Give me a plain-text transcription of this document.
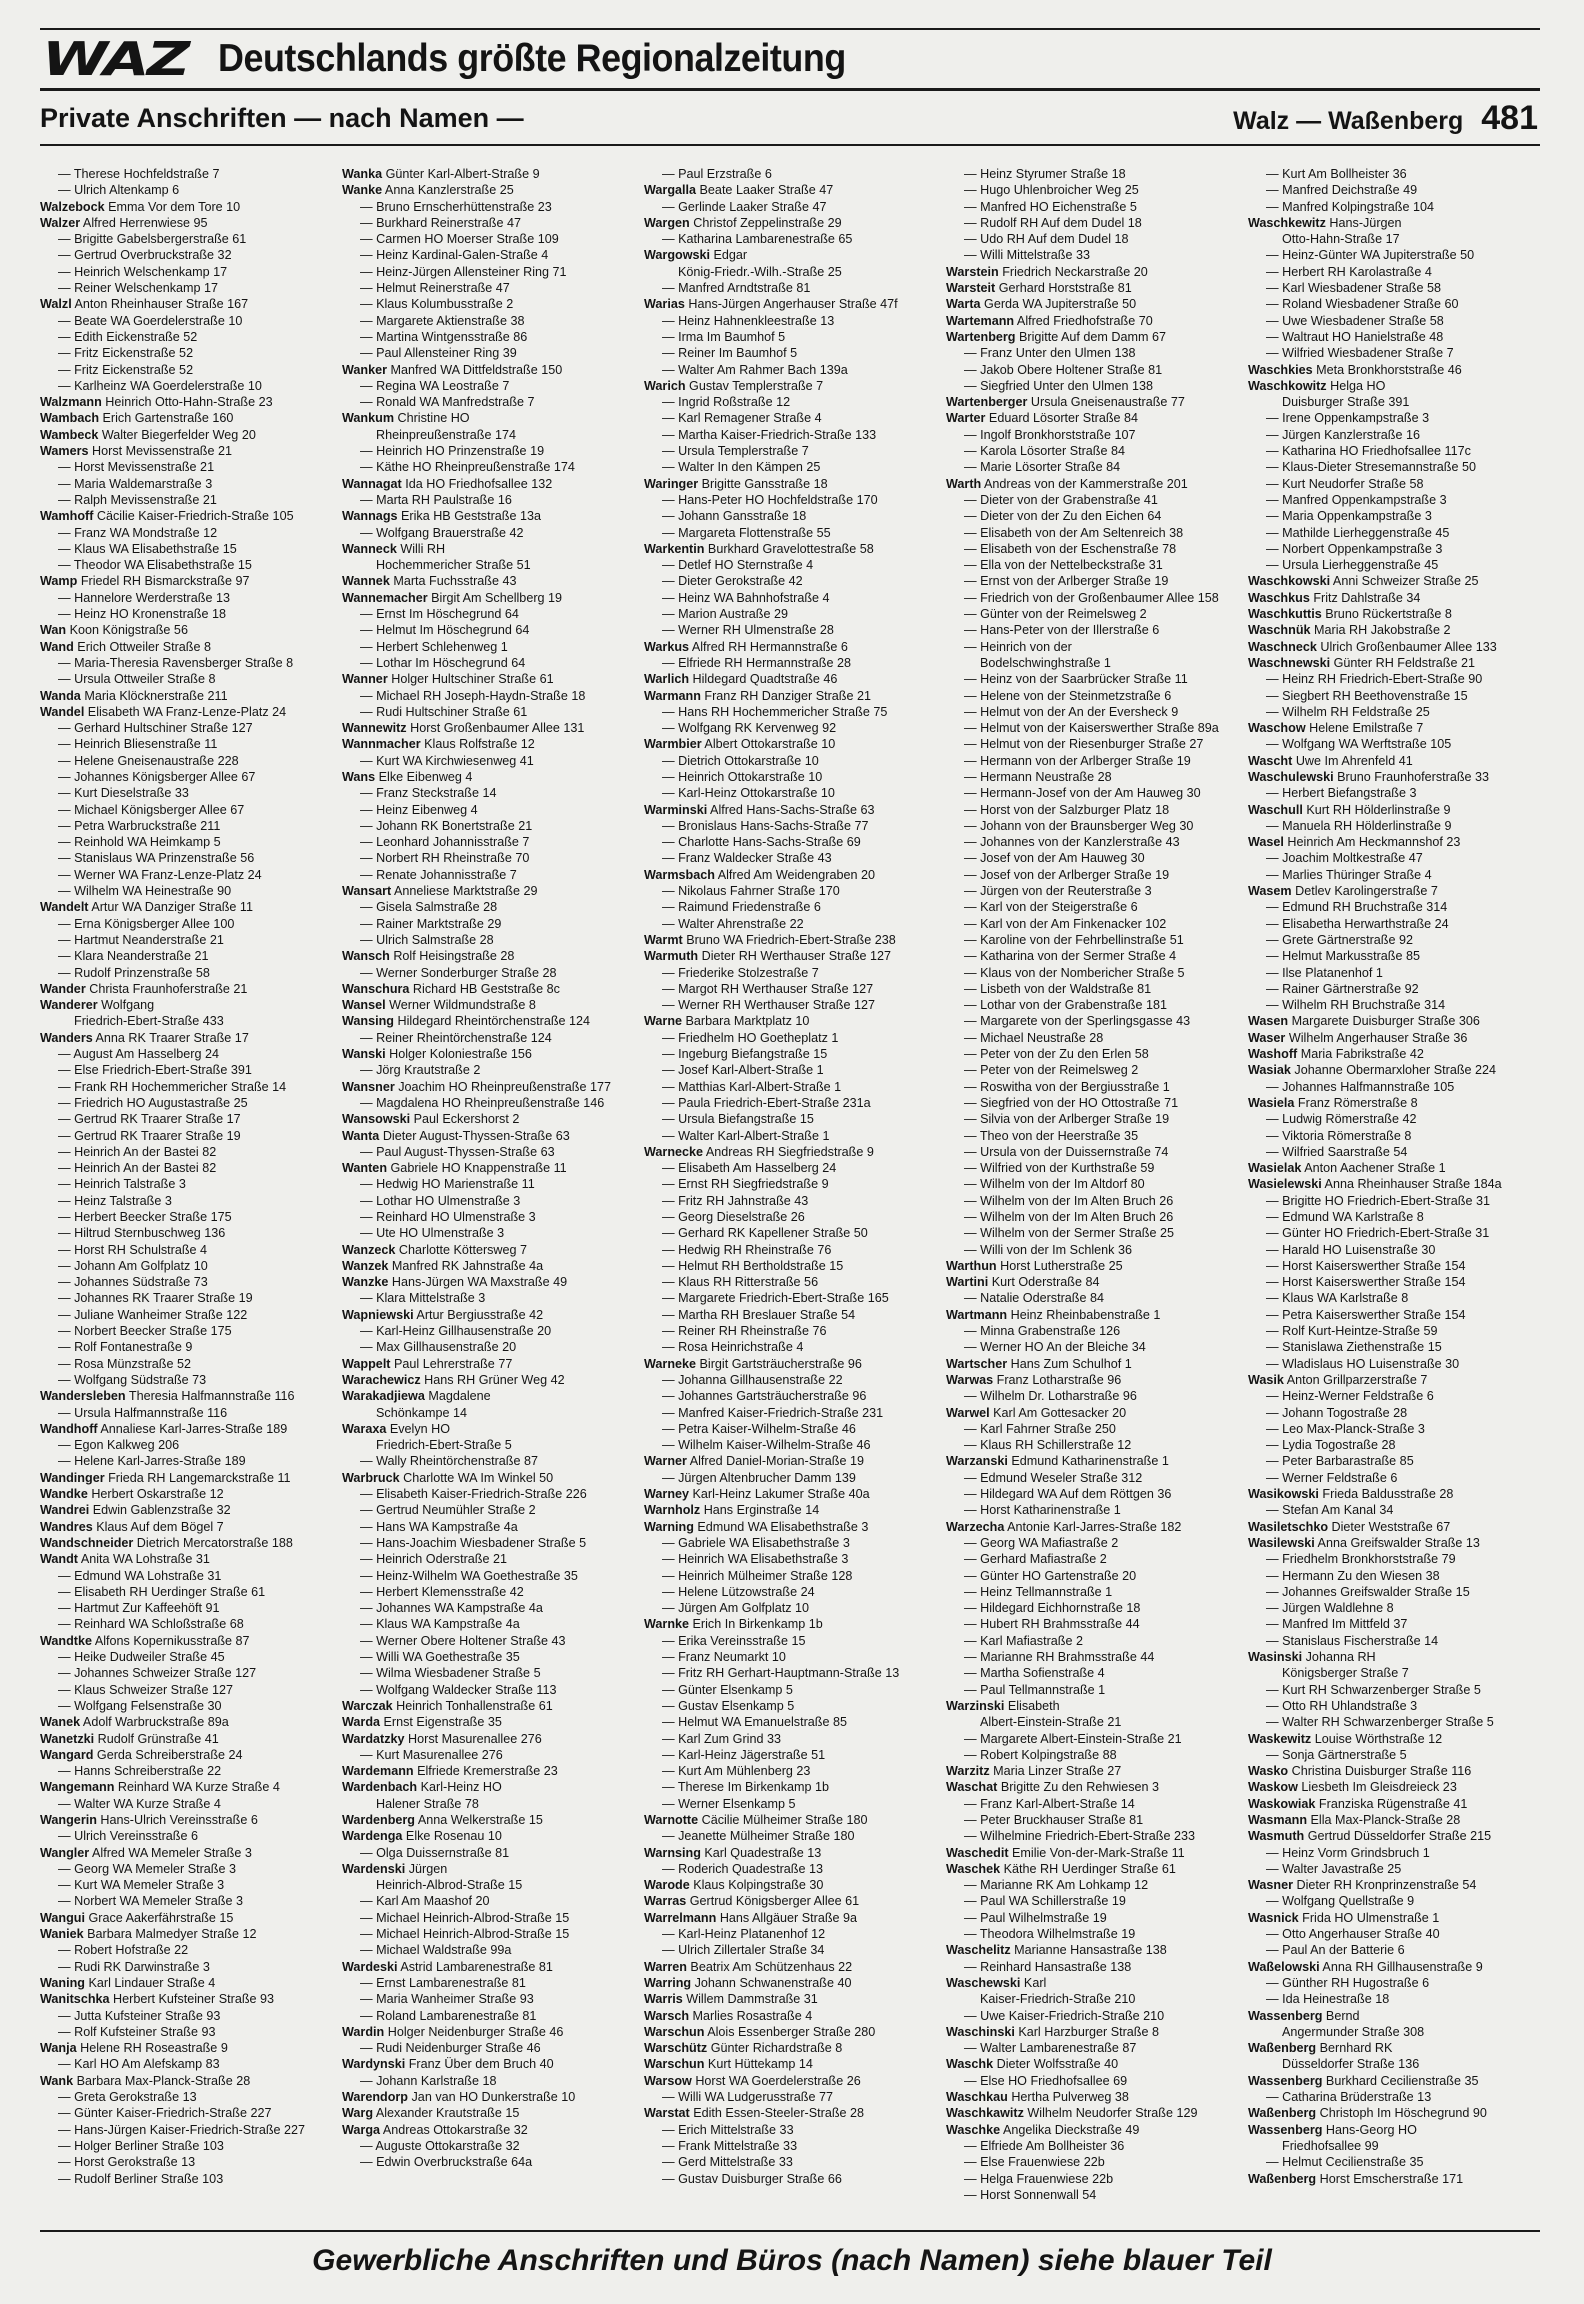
WAZ Deutschlands größte Regionalzeitung
Private Anschriften — nach Namen —	Walz — Waßenberg 481
— Therese Hochfeldstraße 7
— Ulrich Altenkamp 6
Walzebock Emma Vor dem Tore 10
Walzer Alfred Herrenwiese 95
— Brigitte Gabelsbergerstraße 61
— Gertrud Overbruckstraße 32
— Heinrich Welschenkamp 17
— Reiner Welschenkamp 17
Walzl Anton Rheinhauser Straße 167
— Beate WA Goerdelerstraße 10
— Edith Eickenstraße 52
— Fritz Eickenstraße 52
— Fritz Eickenstraße 52
— Karlheinz WA Goerdelerstraße 10
Walzmann Heinrich Otto-Hahn-Straße 23
Wambach Erich Gartenstraße 160
Wambeck Walter Biegerfelder Weg 20
Wamers Horst Mevissenstraße 21
— Horst Mevissenstraße 21
— Maria Waldemarstraße 3
— Ralph Mevissenstraße 21
Wamhoff Cäcilie Kaiser-Friedrich-Straße 105
— Franz WA Mondstraße 12
— Klaus WA Elisabethstraße 15
— Theodor WA Elisabethstraße 15
Wamp Friedel RH Bismarckstraße 97
— Hannelore Werderstraße 13
— Heinz HO Kronenstraße 18
Wan Koon Königstraße 56
Wand Erich Ottweiler Straße 8
— Maria-Theresia Ravensberger Straße 8
— Ursula Ottweiler Straße 8
Wanda Maria Klöcknerstraße 211
Wandel Elisabeth WA Franz-Lenze-Platz 24
— Gerhard Hultschiner Straße 127
— Heinrich Bliesenstraße 11
— Helene Gneisenaustraße 228
— Johannes Königsberger Allee 67
— Kurt Dieselstraße 33
— Michael Königsberger Allee 67
— Petra Warbruckstraße 211
— Reinhold WA Heimkamp 5
— Stanislaus WA Prinzenstraße 56
— Werner WA Franz-Lenze-Platz 24
— Wilhelm WA Heinestraße 90
Wandelt Artur WA Danziger Straße 11
— Erna Königsberger Allee 100
— Hartmut Neanderstraße 21
— Klara Neanderstraße 21
— Rudolf Prinzenstraße 58
Wander Christa Fraunhoferstraße 21
Wanderer Wolfgang
Friedrich-Ebert-Straße 433
Wanders Anna RK Traarer Straße 17
— August Am Hasselberg 24
— Else Friedrich-Ebert-Straße 391
— Frank RH Hochemmericher Straße 14
— Friedrich HO Augustastraße 25
— Gertrud RK Traarer Straße 17
— Gertrud RK Traarer Straße 19
— Heinrich An der Bastei 82
— Heinrich An der Bastei 82
— Heinrich Talstraße 3
— Heinz Talstraße 3
— Herbert Beecker Straße 175
— Hiltrud Sternbuschweg 136
— Horst RH Schulstraße 4
— Johann Am Golfplatz 10
— Johannes Südstraße 73
— Johannes RK Traarer Straße 19
— Juliane Wanheimer Straße 122
— Norbert Beecker Straße 175
— Rolf Fontanestraße 9
— Rosa Münzstraße 52
— Wolfgang Südstraße 73
Wandersleben Theresia Halfmannstraße 116
— Ursula Halfmannstraße 116
Wandhoff Annaliese Karl-Jarres-Straße 189
— Egon Kalkweg 206
— Helene Karl-Jarres-Straße 189
Wandinger Frieda RH Langemarckstraße 11
Wandke Herbert Oskarstraße 12
Wandrei Edwin Gablenzstraße 32
Wandres Klaus Auf dem Bögel 7
Wandschneider Dietrich Mercatorstraße 188
Wandt Anita WA Lohstraße 31
— Edmund WA Lohstraße 31
— Elisabeth RH Uerdinger Straße 61
— Hartmut Zur Kaffeehöft 91
— Reinhard WA Schloßstraße 68
Wandtke Alfons Kopernikusstraße 87
— Heike Dudweiler Straße 45
— Johannes Schweizer Straße 127
— Klaus Schweizer Straße 127
— Wolfgang Felsenstraße 30
Wanek Adolf Warbruckstraße 89a
Wanetzki Rudolf Grünstraße 41
Wangard Gerda Schreiberstraße 24
— Hanns Schreiberstraße 22
Wangemann Reinhard WA Kurze Straße 4
— Walter WA Kurze Straße 4
Wangerin Hans-Ulrich Vereinsstraße 6
— Ulrich Vereinsstraße 6
Wangler Alfred WA Memeler Straße 3
— Georg WA Memeler Straße 3
— Kurt WA Memeler Straße 3
— Norbert WA Memeler Straße 3
Wangui Grace Aakerfährstraße 15
Waniek Barbara Malmedyer Straße 12
— Robert Hofstraße 22
— Rudi RK Darwinstraße 3
Waning Karl Lindauer Straße 4
Wanitschka Herbert Kufsteiner Straße 93
— Jutta Kufsteiner Straße 93
— Rolf Kufsteiner Straße 93
Wanja Helene RH Roseastraße 9
— Karl HO Am Alefskamp 83
Wank Barbara Max-Planck-Straße 28
— Greta Gerokstraße 13
— Günter Kaiser-Friedrich-Straße 227
— Hans-Jürgen Kaiser-Friedrich-Straße 227
— Holger Berliner Straße 103
— Horst Gerokstraße 13
— Rudolf Berliner Straße 103
Wanka Günter Karl-Albert-Straße 9
Wanke Anna Kanzlerstraße 25
— Bruno Ernscherhüttenstraße 23
— Burkhard Reinerstraße 47
— Carmen HO Moerser Straße 109
— Heinz Kardinal-Galen-Straße 4
— Heinz-Jürgen Allensteiner Ring 71
— Helmut Reinerstraße 47
— Klaus Kolumbusstraße 2
— Margarete Aktienstraße 38
— Martina Wintgensstraße 86
— Paul Allensteiner Ring 39
Wanker Manfred WA Dittfeldstraße 150
— Regina WA Leostraße 7
— Ronald WA Manfredstraße 7
Wankum Christine HO
Rheinpreußenstraße 174
— Heinrich HO Prinzenstraße 19
— Käthe HO Rheinpreußenstraße 174
Wannagat Ida HO Friedhofsallee 132
— Marta RH Paulstraße 16
Wannags Erika HB Geststraße 13a
— Wolfgang Brauerstraße 42
Wanneck Willi RH
Hochemmericher Straße 51
Wannek Marta Fuchsstraße 43
Wannemacher Birgit Am Schellberg 19
— Ernst Im Höschegrund 64
— Helmut Im Höschegrund 64
— Herbert Schlehenweg 1
— Lothar Im Höschegrund 64
Wanner Holger Hultschiner Straße 61
— Michael RH Joseph-Haydn-Straße 18
— Rudi Hultschiner Straße 61
Wannewitz Horst Großenbaumer Allee 131
Wannmacher Klaus Rolfstraße 12
— Kurt WA Kirchwiesenweg 41
Wans Elke Eibenweg 4
— Franz Steckstraße 14
— Heinz Eibenweg 4
— Johann RK Bonertstraße 21
— Leonhard Johannisstraße 7
— Norbert RH Rheinstraße 70
— Renate Johannisstraße 7
Wansart Anneliese Marktstraße 29
— Gisela Salmstraße 28
— Rainer Marktstraße 29
— Ulrich Salmstraße 28
Wansch Rolf Heisingstraße 28
— Werner Sonderburger Straße 28
Wanschura Richard HB Geststraße 8c
Wansel Werner Wildmundstraße 8
Wansing Hildegard Rheintörchenstraße 124
— Reiner Rheintörchenstraße 124
Wanski Holger Koloniestraße 156
— Jörg Krautstraße 2
Wansner Joachim HO Rheinpreußenstraße 177
— Magdalena HO Rheinpreußenstraße 146
Wansowski Paul Eckershorst 2
Wanta Dieter August-Thyssen-Straße 63
— Paul August-Thyssen-Straße 63
Wanten Gabriele HO Knappenstraße 11
— Hedwig HO Marienstraße 11
— Lothar HO Ulmenstraße 3
— Reinhard HO Ulmenstraße 3
— Ute HO Ulmenstraße 3
Wanzeck Charlotte Köttersweg 7
Wanzek Manfred RK Jahnstraße 4a
Wanzke Hans-Jürgen WA Maxstraße 49
— Klara Mittelstraße 3
Wapniewski Artur Bergiusstraße 42
— Karl-Heinz Gillhausenstraße 20
— Max Gillhausenstraße 20
Wappelt Paul Lehrerstraße 77
Warachewicz Hans RH Grüner Weg 42
Warakadjiewa Magdalene
Schönkampe 14
Waraxa Evelyn HO
Friedrich-Ebert-Straße 5
— Wally Rheintörchenstraße 87
Warbruck Charlotte WA Im Winkel 50
— Elisabeth Kaiser-Friedrich-Straße 226
— Gertrud Neumühler Straße 2
— Hans WA Kampstraße 4a
— Hans-Joachim Wiesbadener Straße 5
— Heinrich Oderstraße 21
— Heinz-Wilhelm WA Goethestraße 35
— Herbert Klemensstraße 42
— Johannes WA Kampstraße 4a
— Klaus WA Kampstraße 4a
— Werner Obere Holtener Straße 43
— Willi WA Goethestraße 35
— Wilma Wiesbadener Straße 5
— Wolfgang Waldecker Straße 113
Warczak Heinrich Tonhallenstraße 61
Warda Ernst Eigenstraße 35
Wardatzky Horst Masurenallee 276
— Kurt Masurenallee 276
Wardemann Elfriede Kremerstraße 23
Wardenbach Karl-Heinz HO
Halener Straße 78
Wardenberg Anna Welkerstraße 15
Wardenga Elke Rosenau 10
— Olga Duissernstraße 81
Wardenski Jürgen
Heinrich-Albrod-Straße 15
— Karl Am Maashof 20
— Michael Heinrich-Albrod-Straße 15
— Michael Heinrich-Albrod-Straße 15
— Michael Waldstraße 99a
Wardeski Astrid Lambarenestraße 81
— Ernst Lambarenestraße 81
— Maria Wanheimer Straße 93
— Roland Lambarenestraße 81
Wardin Holger Neidenburger Straße 46
— Rudi Neidenburger Straße 46
Wardynski Franz Über dem Bruch 40
— Johann Karlstraße 18
Warendorp Jan van HO Dunkerstraße 10
Warg Alexander Krautstraße 15
Warga Andreas Ottokarstraße 32
— Auguste Ottokarstraße 32
— Edwin Overbruckstraße 64a
— Paul Erzstraße 6
Wargalla Beate Laaker Straße 47
— Gerlinde Laaker Straße 47
Wargen Christof Zeppelinstraße 29
— Katharina Lambarenestraße 65
Wargowski Edgar
König-Friedr.-Wilh.-Straße 25
— Manfred Arndtstraße 81
Warias Hans-Jürgen Angerhauser Straße 47f
— Heinz Hahnenkleestraße 13
— Irma Im Baumhof 5
— Reiner Im Baumhof 5
— Walter Am Rahmer Bach 139a
Warich Gustav Templerstraße 7
— Ingrid Roßstraße 12
— Karl Remagener Straße 4
— Martha Kaiser-Friedrich-Straße 133
— Ursula Templerstraße 7
— Walter In den Kämpen 25
Waringer Brigitte Gansstraße 18
— Hans-Peter HO Hochfeldstraße 170
— Johann Gansstraße 18
— Margareta Flottenstraße 55
Warkentin Burkhard Gravelottestraße 58
— Detlef HO Sternstraße 4
— Dieter Gerokstraße 42
— Heinz WA Bahnhofstraße 4
— Marion Austraße 29
— Werner RH Ulmenstraße 28
Warkus Alfred RH Hermannstraße 6
— Elfriede RH Hermannstraße 28
Warlich Hildegard Quadtstraße 46
Warmann Franz RH Danziger Straße 21
— Hans RH Hochemmericher Straße 75
— Wolfgang RK Kervenweg 92
Warmbier Albert Ottokarstraße 10
— Dietrich Ottokarstraße 10
— Heinrich Ottokarstraße 10
— Karl-Heinz Ottokarstraße 10
Warminski Alfred Hans-Sachs-Straße 63
— Bronislaus Hans-Sachs-Straße 77
— Charlotte Hans-Sachs-Straße 69
— Franz Waldecker Straße 43
Warmsbach Alfred Am Weidengraben 20
— Nikolaus Fahrner Straße 170
— Raimund Friedenstraße 6
— Walter Ahrenstraße 22
Warmt Bruno WA Friedrich-Ebert-Straße 238
Warmuth Dieter RH Werthauser Straße 127
— Friederike Stolzestraße 7
— Margot RH Werthauser Straße 127
— Werner RH Werthauser Straße 127
Warne Barbara Marktplatz 10
— Friedhelm HO Goetheplatz 1
— Ingeburg Biefangstraße 15
— Josef Karl-Albert-Straße 1
— Matthias Karl-Albert-Straße 1
— Paula Friedrich-Ebert-Straße 231a
— Ursula Biefangstraße 15
— Walter Karl-Albert-Straße 1
Warnecke Andreas RH Siegfriedstraße 9
— Elisabeth Am Hasselberg 24
— Ernst RH Siegfriedstraße 9
— Fritz RH Jahnstraße 43
— Georg Dieselstraße 26
— Gerhard RK Kapellener Straße 50
— Hedwig RH Rheinstraße 76
— Helmut RH Bertholdstraße 15
— Klaus RH Ritterstraße 56
— Margarete Friedrich-Ebert-Straße 165
— Martha RH Breslauer Straße 54
— Reiner RH Rheinstraße 76
— Rosa Heinrichstraße 4
Warneke Birgit Gartsträucherstraße 96
— Johanna Gillhausenstraße 22
— Johannes Gartsträucherstraße 96
— Manfred Kaiser-Friedrich-Straße 231
— Petra Kaiser-Wilhelm-Straße 46
— Wilhelm Kaiser-Wilhelm-Straße 46
Warner Alfred Daniel-Morian-Straße 19
— Jürgen Altenbrucher Damm 139
Warney Karl-Heinz Lakumer Straße 40a
Warnholz Hans Erginstraße 14
Warning Edmund WA Elisabethstraße 3
— Gabriele WA Elisabethstraße 3
— Heinrich WA Elisabethstraße 3
— Heinrich Mülheimer Straße 128
— Helene Lützowstraße 24
— Jürgen Am Golfplatz 10
Warnke Erich In Birkenkamp 1b
— Erika Vereinsstraße 15
— Franz Neumarkt 10
— Fritz RH Gerhart-Hauptmann-Straße 13
— Günter Elsenkamp 5
— Gustav Elsenkamp 5
— Helmut WA Emanuelstraße 85
— Karl Zum Grind 33
— Karl-Heinz Jägerstraße 51
— Kurt Am Mühlenberg 23
— Therese Im Birkenkamp 1b
— Werner Elsenkamp 5
Warnotte Cäcilie Mülheimer Straße 180
— Jeanette Mülheimer Straße 180
Warnsing Karl Quadestraße 13
— Roderich Quadestraße 13
Warode Klaus Kolpingstraße 30
Warras Gertrud Königsberger Allee 61
Warrelmann Hans Allgäuer Straße 9a
— Karl-Heinz Platanenhof 12
— Ulrich Zillertaler Straße 34
Warren Beatrix Am Schützenhaus 22
Warring Johann Schwanenstraße 40
Warris Willem Dammstraße 31
Warsch Marlies Rosastraße 4
Warschun Alois Essenberger Straße 280
Warschütz Günter Richardstraße 8
Warschun Kurt Hüttekamp 14
Warsow Horst WA Goerdelerstraße 26
— Willi WA Ludgerusstraße 77
Warstat Edith Essen-Steeler-Straße 28
— Erich Mittelstraße 33
— Frank Mittelstraße 33
— Gerd Mittelstraße 33
— Gustav Duisburger Straße 66
— Heinz Styrumer Straße 18
— Hugo Uhlenbroicher Weg 25
— Manfred HO Eichenstraße 5
— Rudolf RH Auf dem Dudel 18
— Udo RH Auf dem Dudel 18
— Willi Mittelstraße 33
Warstein Friedrich Neckarstraße 20
Warsteit Gerhard Horststraße 81
Warta Gerda WA Jupiterstraße 50
Wartemann Alfred Friedhofstraße 70
Wartenberg Brigitte Auf dem Damm 67
— Franz Unter den Ulmen 138
— Jakob Obere Holtener Straße 81
— Siegfried Unter den Ulmen 138
Wartenberger Ursula Gneisenaustraße 77
Warter Eduard Lösorter Straße 84
— Ingolf Bronkhorststraße 107
— Karola Lösorter Straße 84
— Marie Lösorter Straße 84
Warth Andreas von der Kammerstraße 201
— Dieter von der Grabenstraße 41
— Dieter von der Zu den Eichen 64
— Elisabeth von der Am Seltenreich 38
— Elisabeth von der Eschenstraße 78
— Ella von der Nettelbeckstraße 31
— Ernst von der Arlberger Straße 19
— Friedrich von der Großenbaumer Allee 158
— Günter von der Reimelsweg 2
— Hans-Peter von der Illerstraße 6
— Heinrich von der
Bodelschwinghstraße 1
— Heinz von der Saarbrücker Straße 11
— Helene von der Steinmetzstraße 6
— Helmut von der An der Eversheck 9
— Helmut von der Kaiserswerther Straße 89a
— Helmut von der Riesenburger Straße 27
— Hermann von der Arlberger Straße 19
— Hermann Neustraße 28
— Hermann-Josef von der Am Hauweg 30
— Horst von der Salzburger Platz 18
— Johann von der Braunsberger Weg 30
— Johannes von der Kanzlerstraße 43
— Josef von der Am Hauweg 30
— Josef von der Arlberger Straße 19
— Jürgen von der Reuterstraße 3
— Karl von der Steigerstraße 6
— Karl von der Am Finkenacker 102
— Karoline von der Fehrbellinstraße 51
— Katharina von der Sermer Straße 4
— Klaus von der Nombericher Straße 5
— Lisbeth von der Waldstraße 81
— Lothar von der Grabenstraße 181
— Margarete von der Sperlingsgasse 43
— Michael Neustraße 28
— Peter von der Zu den Erlen 58
— Peter von der Reimelsweg 2
— Roswitha von der Bergiusstraße 1
— Siegfried von der HO Ottostraße 71
— Silvia von der Arlberger Straße 19
— Theo von der Heerstraße 35
— Ursula von der Duissernstraße 74
— Wilfried von der Kurthstraße 59
— Wilhelm von der Im Altdorf 80
— Wilhelm von der Im Alten Bruch 26
— Wilhelm von der Im Alten Bruch 26
— Wilhelm von der Sermer Straße 25
— Willi von der Im Schlenk 36
Warthun Horst Lutherstraße 25
Wartini Kurt Oderstraße 84
— Natalie Oderstraße 84
Wartmann Heinz Rheinbabenstraße 1
— Minna Grabenstraße 126
— Werner HO An der Bleiche 34
Wartscher Hans Zum Schulhof 1
Warwas Franz Lotharstraße 96
— Wilhelm Dr. Lotharstraße 96
Warwel Karl Am Gottesacker 20
— Karl Fahrner Straße 250
— Klaus RH Schillerstraße 12
Warzanski Edmund Katharinenstraße 1
— Edmund Weseler Straße 312
— Hildegard WA Auf dem Röttgen 36
— Horst Katharinenstraße 1
Warzecha Antonie Karl-Jarres-Straße 182
— Georg WA Mafiastraße 2
— Gerhard Mafiastraße 2
— Günter HO Gartenstraße 20
— Heinz Tellmannstraße 1
— Hildegard Eichhornstraße 18
— Hubert RH Brahmsstraße 44
— Karl Mafiastraße 2
— Marianne RH Brahmsstraße 44
— Martha Sofienstraße 4
— Paul Tellmannstraße 1
Warzinski Elisabeth
Albert-Einstein-Straße 21
— Margarete Albert-Einstein-Straße 21
— Robert Kolpingstraße 88
Warzitz Maria Linzer Straße 27
Waschat Brigitte Zu den Rehwiesen 3
— Franz Karl-Albert-Straße 14
— Peter Bruckhauser Straße 81
— Wilhelmine Friedrich-Ebert-Straße 233
Waschedit Emilie Von-der-Mark-Straße 11
Waschek Käthe RH Uerdinger Straße 61
— Marianne RK Am Lohkamp 12
— Paul WA Schillerstraße 19
— Paul Wilhelmstraße 19
— Theodora Wilhelmstraße 19
Waschelitz Marianne Hansastraße 138
— Reinhard Hansastraße 138
Waschewski Karl
Kaiser-Friedrich-Straße 210
— Uwe Kaiser-Friedrich-Straße 210
Waschinski Karl Harzburger Straße 8
— Walter Lambarenestraße 87
Waschk Dieter Wolfsstraße 40
— Else HO Friedhofsallee 69
Waschkau Hertha Pulverweg 38
Waschkawitz Wilhelm Neudorfer Straße 129
Waschke Angelika Dieckstraße 49
— Elfriede Am Bollheister 36
— Else Frauenwiese 22b
— Helga Frauenwiese 22b
— Horst Sonnenwall 54
— Kurt Am Bollheister 36
— Manfred Deichstraße 49
— Manfred Kolpingstraße 104
Waschkewitz Hans-Jürgen
Otto-Hahn-Straße 17
— Heinz-Günter WA Jupiterstraße 50
— Herbert RH Karolastraße 4
— Karl Wiesbadener Straße 58
— Roland Wiesbadener Straße 60
— Uwe Wiesbadener Straße 58
— Waltraut HO Hanielstraße 48
— Wilfried Wiesbadener Straße 7
Waschkies Meta Bronkhorststraße 46
Waschkowitz Helga HO
Duisburger Straße 391
— Irene Oppenkampstraße 3
— Jürgen Kanzlerstraße 16
— Katharina HO Friedhofsallee 117c
— Klaus-Dieter Stresemannstraße 50
— Kurt Neudorfer Straße 58
— Manfred Oppenkampstraße 3
— Maria Oppenkampstraße 3
— Mathilde Lierheggenstraße 45
— Norbert Oppenkampstraße 3
— Ursula Lierheggenstraße 45
Waschkowski Anni Schweizer Straße 25
Waschkus Fritz Dahlstraße 34
Waschkuttis Bruno Rückertstraße 8
Waschnük Maria RH Jakobstraße 2
Waschneck Ulrich Großenbaumer Allee 133
Waschnewski Günter RH Feldstraße 21
— Heinz RH Friedrich-Ebert-Straße 90
— Siegbert RH Beethovenstraße 15
— Wilhelm RH Feldstraße 25
Waschow Helene Emilstraße 7
— Wolfgang WA Werftstraße 105
Wascht Uwe Im Ahrenfeld 41
Waschulewski Bruno Fraunhoferstraße 33
— Herbert Biefangstraße 3
Waschull Kurt RH Hölderlinstraße 9
— Manuela RH Hölderlinstraße 9
Wasel Heinrich Am Heckmannshof 23
— Joachim Moltkestraße 47
— Marlies Thüringer Straße 4
Wasem Detlev Karolingerstraße 7
— Edmund RH Bruchstraße 314
— Elisabetha Herwarthstraße 24
— Grete Gärtnerstraße 92
— Helmut Markusstraße 85
— Ilse Platanenhof 1
— Rainer Gärtnerstraße 92
— Wilhelm RH Bruchstraße 314
Wasen Margarete Duisburger Straße 306
Waser Wilhelm Angerhauser Straße 36
Washoff Maria Fabrikstraße 42
Wasiak Johanne Obermarxloher Straße 224
— Johannes Halfmannstraße 105
Wasiela Franz Römerstraße 8
— Ludwig Römerstraße 42
— Viktoria Römerstraße 8
— Wilfried Saarstraße 54
Wasielak Anton Aachener Straße 1
Wasielewski Anna Rheinhauser Straße 184a
— Brigitte HO Friedrich-Ebert-Straße 31
— Edmund WA Karlstraße 8
— Günter HO Friedrich-Ebert-Straße 31
— Harald HO Luisenstraße 30
— Horst Kaiserswerther Straße 154
— Horst Kaiserswerther Straße 154
— Klaus WA Karlstraße 8
— Petra Kaiserswerther Straße 154
— Rolf Kurt-Heintze-Straße 59
— Stanislawa Ziethenstraße 15
— Wladislaus HO Luisenstraße 30
Wasik Anton Grillparzerstraße 7
— Heinz-Werner Feldstraße 6
— Johann Togostraße 28
— Leo Max-Planck-Straße 3
— Lydia Togostraße 28
— Peter Barbarastraße 85
— Werner Feldstraße 6
Wasikowski Frieda Baldusstraße 28
— Stefan Am Kanal 34
Wasiletschko Dieter Weststraße 67
Wasilewski Anna Greifswalder Straße 13
— Friedhelm Bronkhorststraße 79
— Hermann Zu den Wiesen 38
— Johannes Greifswalder Straße 15
— Jürgen Waldlehne 8
— Manfred Im Mittfeld 37
— Stanislaus Fischerstraße 14
Wasinski Johanna RH
Königsberger Straße 7
— Kurt RH Schwarzenberger Straße 5
— Otto RH Uhlandstraße 3
— Walter RH Schwarzenberger Straße 5
Waskewitz Louise Wörthstraße 12
— Sonja Gärtnerstraße 5
Wasko Christina Duisburger Straße 116
Waskow Liesbeth Im Gleisdreieck 23
Waskowiak Franziska Rügenstraße 41
Wasmann Ella Max-Planck-Straße 28
Wasmuth Gertrud Düsseldorfer Straße 215
— Heinz Vorm Grindsbruch 1
— Walter Javastraße 25
Wasner Dieter RH Kronprinzenstraße 54
— Wolfgang Quellstraße 9
Wasnick Frida HO Ulmenstraße 1
— Otto Angerhauser Straße 40
— Paul An der Batterie 6
Waßelowski Anna RH Gillhausenstraße 9
— Günther RH Hugostraße 6
— Ida Heinestraße 18
Wassenberg Bernd
Angermunder Straße 308
Waßenberg Bernhard RK
Düsseldorfer Straße 136
Wassenberg Burkhard Cecilienstraße 35
— Catharina Brüderstraße 13
Waßenberg Christoph Im Höschegrund 90
Wassenberg Hans-Georg HO
Friedhofsallee 99
— Helmut Cecilienstraße 35
Waßenberg Horst Emscherstraße 171
Gewerbliche Anschriften und Büros (nach Namen) siehe blauer Teil
